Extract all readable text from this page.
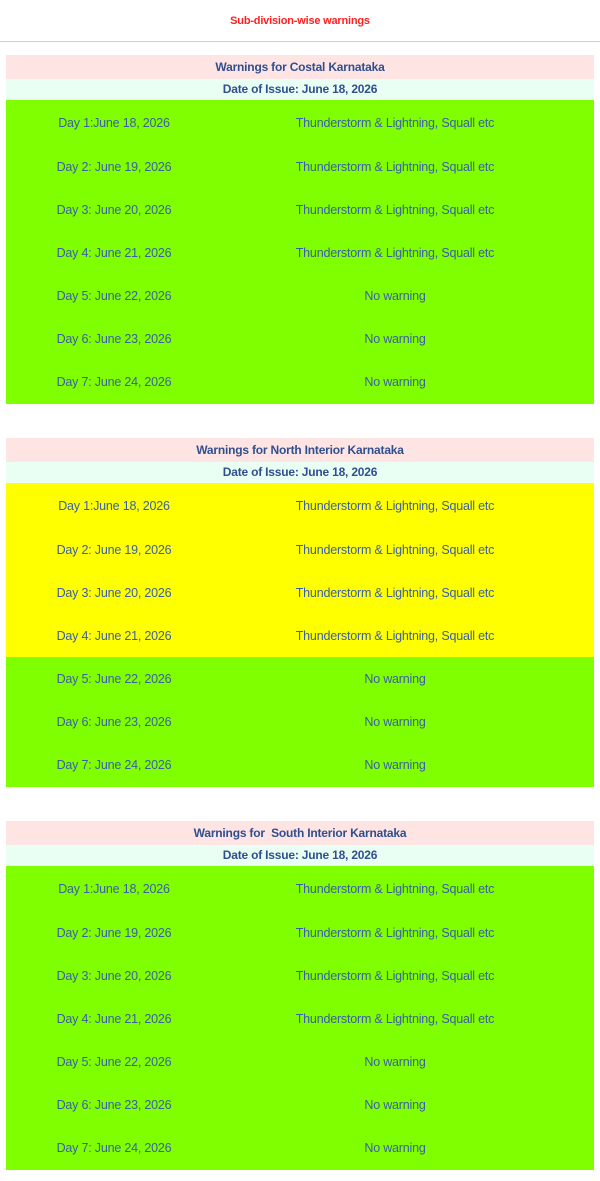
Sub-division-wise warnings
Warnings for Costal Karnataka
Date of Issue: June 18, 2026
Day 1:June 18, 2026	Thunderstorm & Lightning, Squall etc
Day 2: June 19, 2026	Thunderstorm & Lightning, Squall etc
Day 3: June 20, 2026	Thunderstorm & Lightning, Squall etc
Day 4: June 21, 2026	Thunderstorm & Lightning, Squall etc
Day 5: June 22, 2026	No warning
Day 6: June 23, 2026	No warning
Day 7: June 24, 2026	No warning
Warnings for North Interior Karnataka
Date of Issue: June 18, 2026
Day 1:June 18, 2026	Thunderstorm & Lightning, Squall etc
Day 2: June 19, 2026	Thunderstorm & Lightning, Squall etc
Day 3: June 20, 2026	Thunderstorm & Lightning, Squall etc
Day 4: June 21, 2026	Thunderstorm & Lightning, Squall etc
Day 5: June 22, 2026	No warning
Day 6: June 23, 2026	No warning
Day 7: June 24, 2026	No warning
Warnings for  South Interior Karnataka
Date of Issue: June 18, 2026
Day 1:June 18, 2026	Thunderstorm & Lightning, Squall etc
Day 2: June 19, 2026	Thunderstorm & Lightning, Squall etc
Day 3: June 20, 2026	Thunderstorm & Lightning, Squall etc
Day 4: June 21, 2026	Thunderstorm & Lightning, Squall etc
Day 5: June 22, 2026	No warning
Day 6: June 23, 2026	No warning
Day 7: June 24, 2026	No warning
